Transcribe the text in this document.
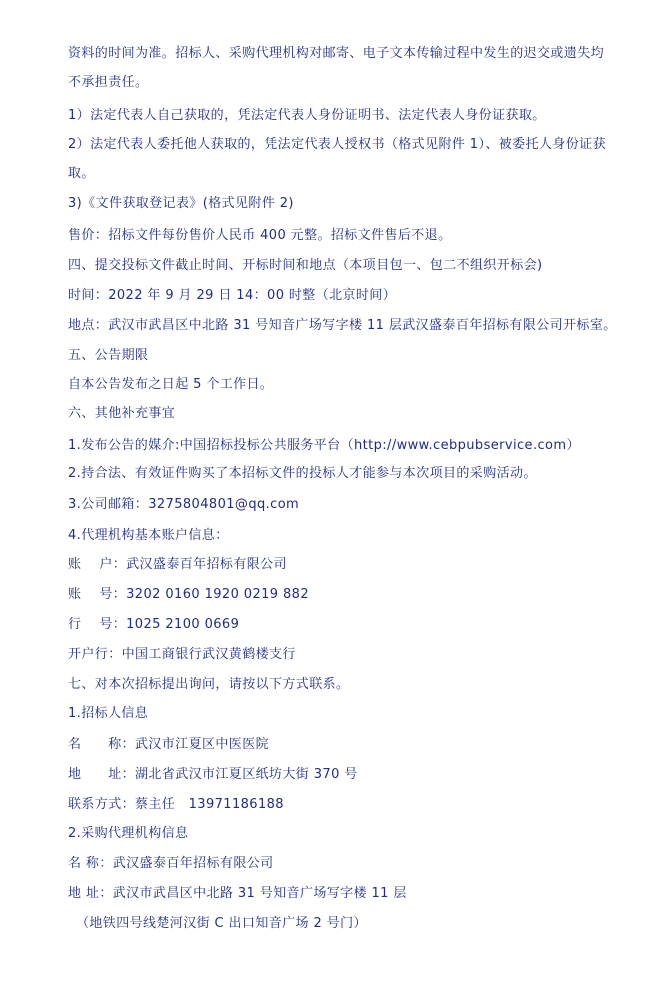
资料的时间为准。招标人、采购代理机构对邮寄、电子文本传输过程中发生的迟交或遗失均
不承担责任。
1）法定代表人自己获取的，凭法定代表人身份证明书、法定代表人身份证获取。
2）法定代表人委托他人获取的，凭法定代表人授权书（格式见附件 1）、被委托人身份证获
取。
3)《文件获取登记表》(格式见附件 2)
售价：招标文件每份售价人民币 400 元整。招标文件售后不退。
四、提交投标文件截止时间、开标时间和地点（本项目包一、包二不组织开标会)
时间：2022 年 9 月 29 日 14：00 时整（北京时间）
地点：武汉市武昌区中北路 31 号知音广场写字楼 11 层武汉盛泰百年招标有限公司开标室。
五、公告期限
自本公告发布之日起 5 个工作日。
六、其他补充事宜
1.发布公告的媒介:中国招标投标公共服务平台（http://www.cebpubservice.com）
2.持合法、有效证件购买了本招标文件的投标人才能参与本次项目的采购活动。
3.公司邮箱：3275804801@qq.com
4.代理机构基本账户信息：
账　 户：武汉盛泰百年招标有限公司
账　 号：3202 0160 1920 0219 882
行　 号：1025 2100 0669
开户行：中国工商银行武汉黄鹤楼支行
七、对本次招标提出询问，请按以下方式联系。
1.招标人信息
名　　称：武汉市江夏区中医医院
地　　址：湖北省武汉市江夏区纸坊大街 370 号
联系方式：蔡主任　13971186188
2.采购代理机构信息
名 称：武汉盛泰百年招标有限公司
地 址：武汉市武昌区中北路 31 号知音广场写字楼 11 层
（地铁四号线楚河汉街 C 出口知音广场 2 号门）
